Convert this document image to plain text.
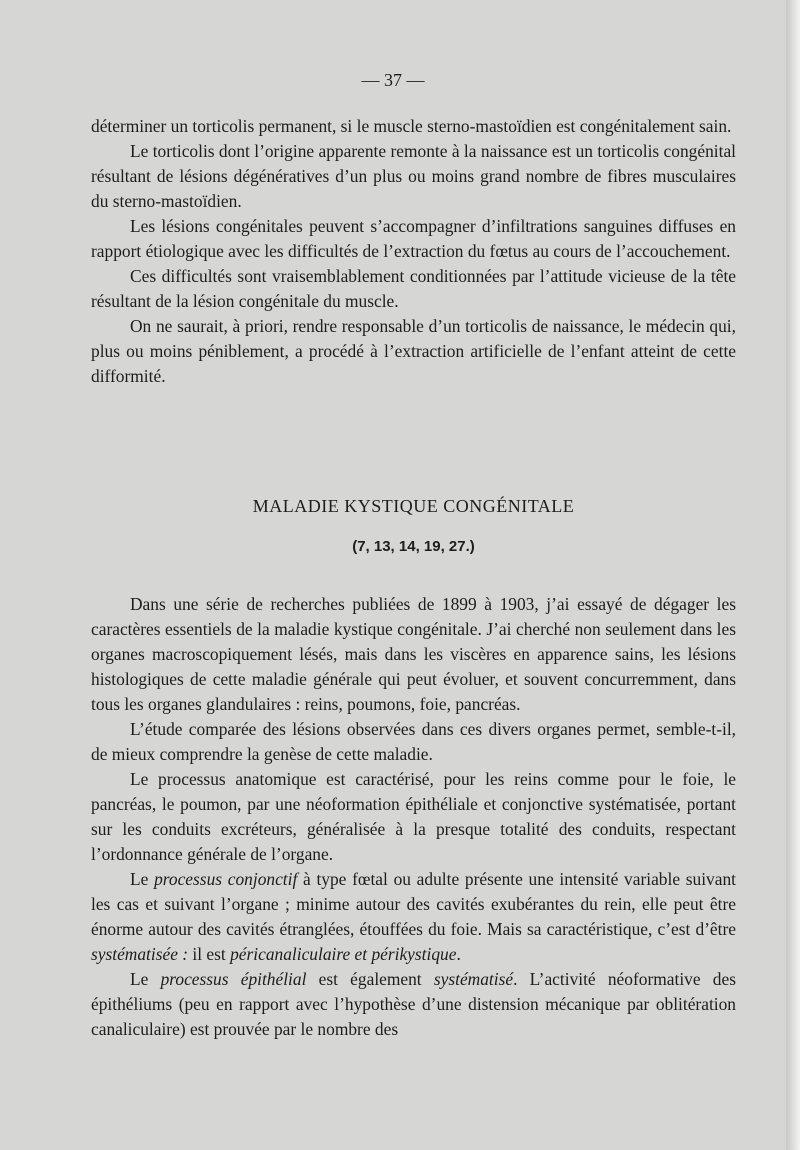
— 37 —

déterminer un torticolis permanent, si le muscle sterno-mastoïdien est congénitalement sain.

Le torticolis dont l’origine apparente remonte à la naissance est un torticolis congénital résultant de lésions dégénératives d’un plus ou moins grand nombre de fibres musculaires du sterno-mastoïdien.

Les lésions congénitales peuvent s’accompagner d’infiltrations sanguines diffuses en rapport étiologique avec les difficultés de l’extraction du fœtus au cours de l’accouchement.

Ces difficultés sont vraisemblablement conditionnées par l’attitude vicieuse de la tête résultant de la lésion congénitale du muscle.

On ne saurait, à priori, rendre responsable d’un torticolis de naissance, le médecin qui, plus ou moins péniblement, a procédé à l’extraction artificielle de l’enfant atteint de cette difformité.

MALADIE KYSTIQUE CONGÉNITALE
(7, 13, 14, 19, 27.)

Dans une série de recherches publiées de 1899 à 1903, j’ai essayé de dégager les caractères essentiels de la maladie kystique congénitale. J’ai cherché non seulement dans les organes macroscopiquement lésés, mais dans les viscères en apparence sains, les lésions histologiques de cette maladie générale qui peut évoluer, et souvent concurremment, dans tous les organes glandulaires : reins, poumons, foie, pancréas.

L’étude comparée des lésions observées dans ces divers organes permet, semble-t-il, de mieux comprendre la genèse de cette maladie.

Le processus anatomique est caractérisé, pour les reins comme pour le foie, le pancréas, le poumon, par une néoformation épithéliale et conjonctive systématisée, portant sur les conduits excréteurs, généralisée à la presque totalité des conduits, respectant l’ordonnance générale de l’organe.

Le processus conjonctif à type fœtal ou adulte présente une intensité variable suivant les cas et suivant l’organe ; minime autour des cavités exubérantes du rein, elle peut être énorme autour des cavités étranglées, étouffées du foie. Mais sa caractéristique, c’est d’être systématisée : il est péricanaliculaire et périkystique.

Le processus épithélial est également systématisé. L’activité néoformative des épithéliums (peu en rapport avec l’hypothèse d’une distension mécanique par oblitération canaliculaire) est prouvée par le nombre des
